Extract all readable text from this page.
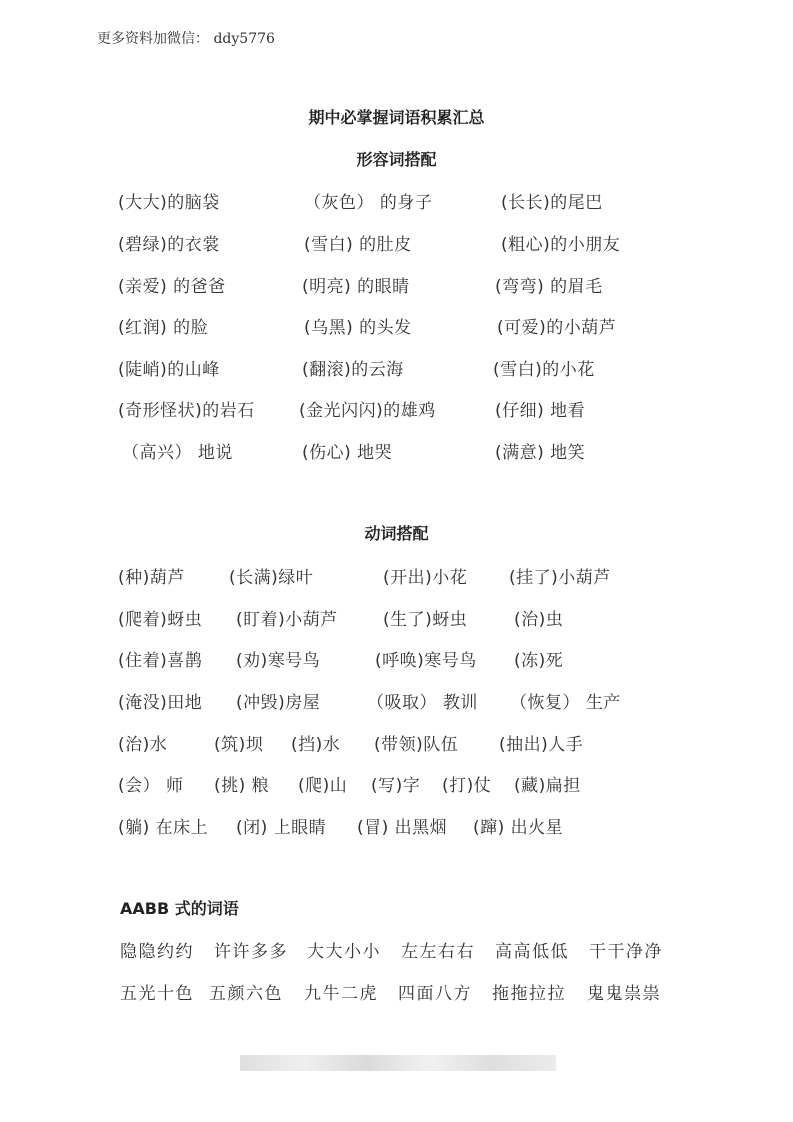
更多资料加微信： ddy5776
期中必掌握词语积累汇总
形容词搭配
(大大)的脑袋	（灰色） 的身子	(长长)的尾巴
(碧绿)的衣裳	(雪白) 的肚皮	(粗心)的小朋友
(亲爱) 的爸爸	(明亮) 的眼睛	(弯弯) 的眉毛
(红润) 的脸	(乌黑) 的头发	(可爱)的小葫芦
(陡峭)的山峰	(翻滚)的云海	(雪白)的小花
(奇形怪状)的岩石	(金光闪闪)的雄鸡	(仔细) 地看
（高兴） 地说	(伤心) 地哭	(满意) 地笑
动词搭配
(种)葫芦	(长满)绿叶	(开出)小花 (挂了)小葫芦
(爬着)蚜虫 (盯着)小葫芦	(生了)蚜虫	(治)虫
(住着)喜鹊 (劝)寒号鸟	(呼唤)寒号鸟 (冻)死
(淹没)田地 (冲毁)房屋	（吸取） 教训 （恢复） 生产
(治)水	(筑)坝 (挡)水 (带领)队伍 (抽出)人手
(会） 师 (挑) 粮 (爬)山 (写)字 (打)仗 (藏)扁担
(躺) 在床上 (闭) 上眼睛 (冒) 出黑烟 (蹿) 出火星
AABB 式的词语
隐隐约约 许许多多 大大小小 左左右右 高高低低 干干净净
五光十色 五颜六色 九牛二虎 四面八方 拖拖拉拉 鬼鬼祟祟
